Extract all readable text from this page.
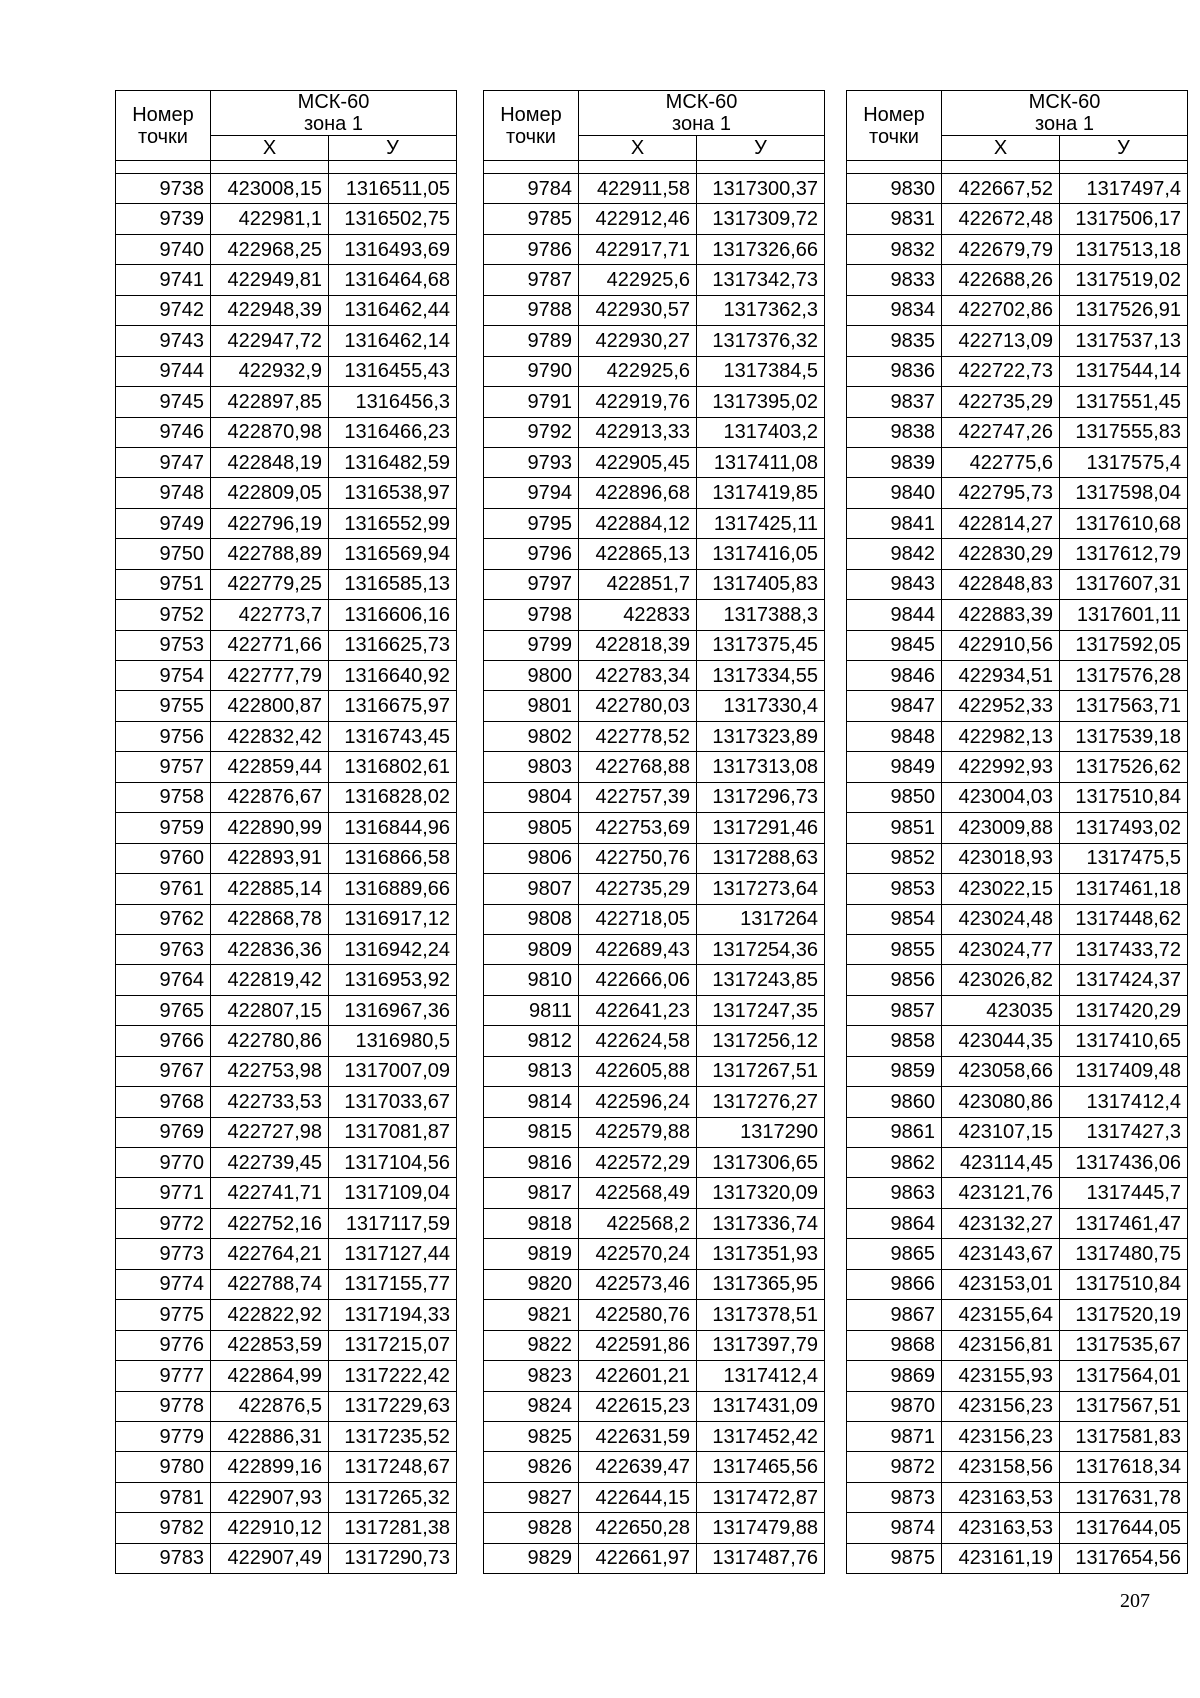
Номер
точки	МСК-60
зона 1	
	X	У

9738	423008,15	1316511,05
9739	422981,1	1316502,75
9740	422968,25	1316493,69
9741	422949,81	1316464,68
9742	422948,39	1316462,44
9743	422947,72	1316462,14
9744	422932,9	1316455,43
9745	422897,85	1316456,3
9746	422870,98	1316466,23
9747	422848,19	1316482,59
9748	422809,05	1316538,97
9749	422796,19	1316552,99
9750	422788,89	1316569,94
9751	422779,25	1316585,13
9752	422773,7	1316606,16
9753	422771,66	1316625,73
9754	422777,79	1316640,92
9755	422800,87	1316675,97
9756	422832,42	1316743,45
9757	422859,44	1316802,61
9758	422876,67	1316828,02
9759	422890,99	1316844,96
9760	422893,91	1316866,58
9761	422885,14	1316889,66
9762	422868,78	1316917,12
9763	422836,36	1316942,24
9764	422819,42	1316953,92
9765	422807,15	1316967,36
9766	422780,86	1316980,5
9767	422753,98	1317007,09
9768	422733,53	1317033,67
9769	422727,98	1317081,87
9770	422739,45	1317104,56
9771	422741,71	1317109,04
9772	422752,16	1317117,59
9773	422764,21	1317127,44
9774	422788,74	1317155,77
9775	422822,92	1317194,33
9776	422853,59	1317215,07
9777	422864,99	1317222,42
9778	422876,5	1317229,63
9779	422886,31	1317235,52
9780	422899,16	1317248,67
9781	422907,93	1317265,32
9782	422910,12	1317281,38
9783	422907,49	1317290,73
Номер
точки	МСК-60
зона 1	
	X	У

9784	422911,58	1317300,37
9785	422912,46	1317309,72
9786	422917,71	1317326,66
9787	422925,6	1317342,73
9788	422930,57	1317362,3
9789	422930,27	1317376,32
9790	422925,6	1317384,5
9791	422919,76	1317395,02
9792	422913,33	1317403,2
9793	422905,45	1317411,08
9794	422896,68	1317419,85
9795	422884,12	1317425,11
9796	422865,13	1317416,05
9797	422851,7	1317405,83
9798	422833	1317388,3
9799	422818,39	1317375,45
9800	422783,34	1317334,55
9801	422780,03	1317330,4
9802	422778,52	1317323,89
9803	422768,88	1317313,08
9804	422757,39	1317296,73
9805	422753,69	1317291,46
9806	422750,76	1317288,63
9807	422735,29	1317273,64
9808	422718,05	1317264
9809	422689,43	1317254,36
9810	422666,06	1317243,85
9811	422641,23	1317247,35
9812	422624,58	1317256,12
9813	422605,88	1317267,51
9814	422596,24	1317276,27
9815	422579,88	1317290
9816	422572,29	1317306,65
9817	422568,49	1317320,09
9818	422568,2	1317336,74
9819	422570,24	1317351,93
9820	422573,46	1317365,95
9821	422580,76	1317378,51
9822	422591,86	1317397,79
9823	422601,21	1317412,4
9824	422615,23	1317431,09
9825	422631,59	1317452,42
9826	422639,47	1317465,56
9827	422644,15	1317472,87
9828	422650,28	1317479,88
9829	422661,97	1317487,76
Номер
точки	МСК-60
зона 1	
	X	У

9830	422667,52	1317497,4
9831	422672,48	1317506,17
9832	422679,79	1317513,18
9833	422688,26	1317519,02
9834	422702,86	1317526,91
9835	422713,09	1317537,13
9836	422722,73	1317544,14
9837	422735,29	1317551,45
9838	422747,26	1317555,83
9839	422775,6	1317575,4
9840	422795,73	1317598,04
9841	422814,27	1317610,68
9842	422830,29	1317612,79
9843	422848,83	1317607,31
9844	422883,39	1317601,11
9845	422910,56	1317592,05
9846	422934,51	1317576,28
9847	422952,33	1317563,71
9848	422982,13	1317539,18
9849	422992,93	1317526,62
9850	423004,03	1317510,84
9851	423009,88	1317493,02
9852	423018,93	1317475,5
9853	423022,15	1317461,18
9854	423024,48	1317448,62
9855	423024,77	1317433,72
9856	423026,82	1317424,37
9857	423035	1317420,29
9858	423044,35	1317410,65
9859	423058,66	1317409,48
9860	423080,86	1317412,4
9861	423107,15	1317427,3
9862	423114,45	1317436,06
9863	423121,76	1317445,7
9864	423132,27	1317461,47
9865	423143,67	1317480,75
9866	423153,01	1317510,84
9867	423155,64	1317520,19
9868	423156,81	1317535,67
9869	423155,93	1317564,01
9870	423156,23	1317567,51
9871	423156,23	1317581,83
9872	423158,56	1317618,34
9873	423163,53	1317631,78
9874	423163,53	1317644,05
9875	423161,19	1317654,56
207
